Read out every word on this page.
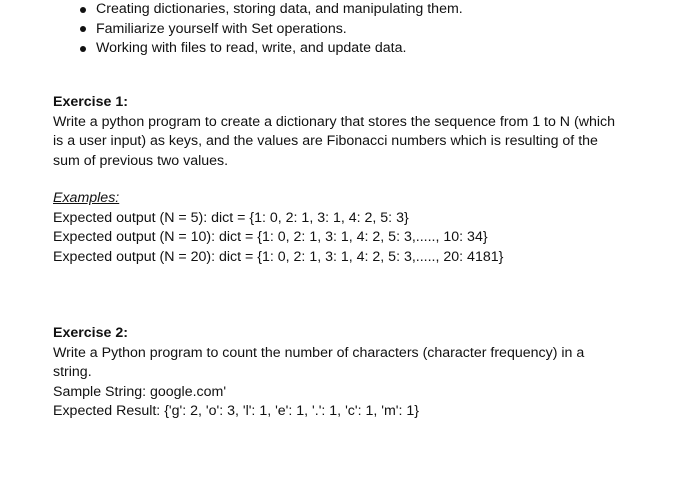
Creating dictionaries, storing data, and manipulating them.
Familiarize yourself with Set operations.
Working with files to read, write, and update data.
Exercise 1:
Write a python program to create a dictionary that stores the sequence from 1 to N (which
is a user input) as keys, and the values are Fibonacci numbers which is resulting of the
sum of previous two values.
Examples:
Expected output (N = 5): dict = {1: 0, 2: 1, 3: 1, 4: 2, 5: 3}
Expected output (N = 10): dict = {1: 0, 2: 1, 3: 1, 4: 2, 5: 3,....., 10: 34}
Expected output (N = 20): dict = {1: 0, 2: 1, 3: 1, 4: 2, 5: 3,....., 20: 4181}
Exercise 2:
Write a Python program to count the number of characters (character frequency) in a
string.
Sample String: google.com'
Expected Result: {'g': 2, 'o': 3, 'l': 1, 'e': 1, '.': 1, 'c': 1, 'm': 1}
